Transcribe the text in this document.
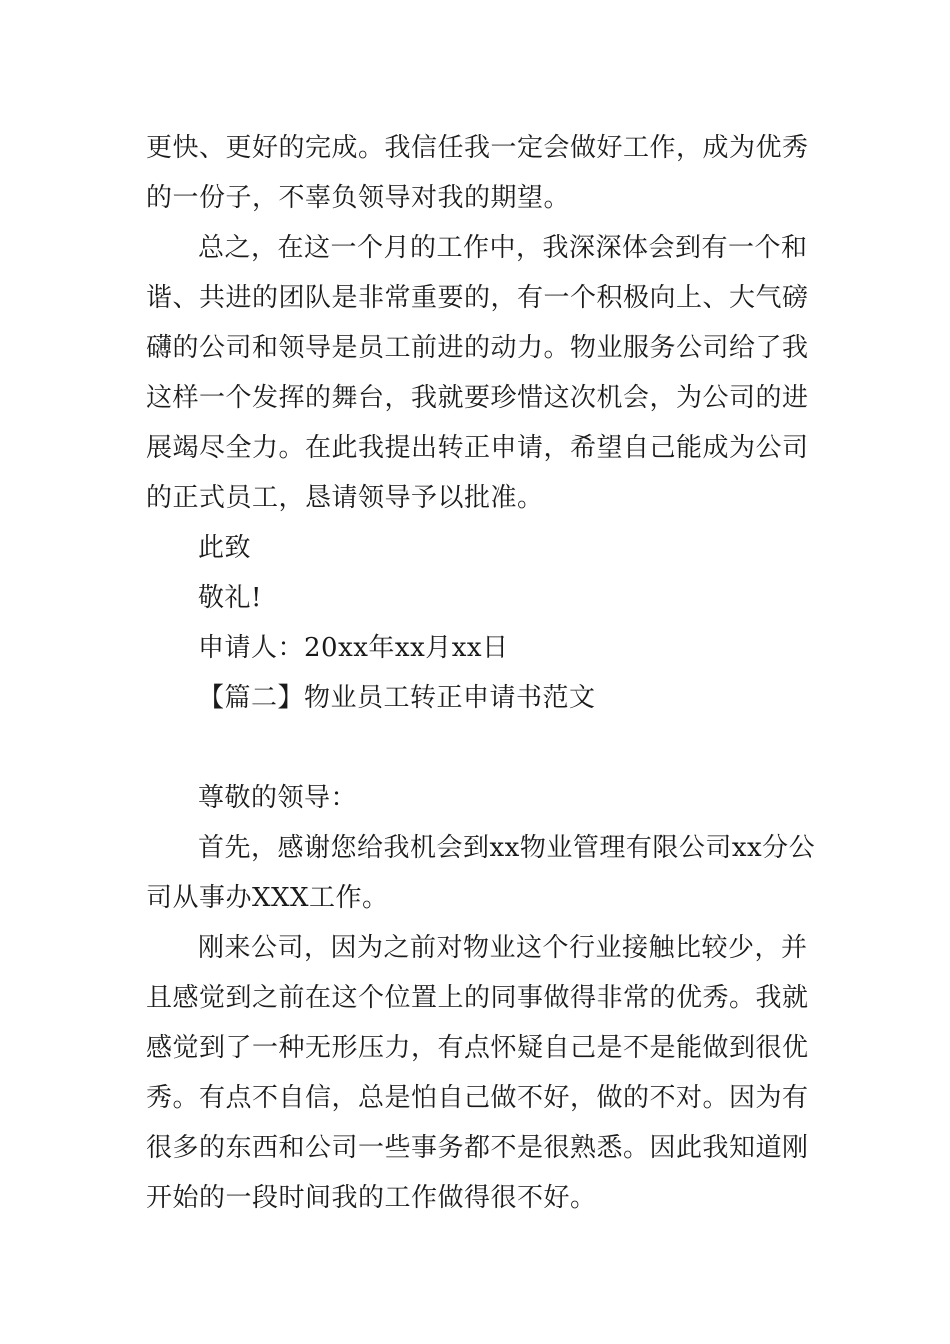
更快、更好的完成。我信任我一定会做好工作，成为优秀
的一份子，不辜负领导对我的期望。
总之，在这一个月的工作中，我深深体会到有一个和
谐、共进的团队是非常重要的，有一个积极向上、大气磅
礴的公司和领导是员工前进的动力。物业服务公司给了我
这样一个发挥的舞台，我就要珍惜这次机会，为公司的进
展竭尽全力。在此我提出转正申请，希望自己能成为公司
的正式员工，恳请领导予以批准。
此致
敬礼!
申请人：20xx年xx月xx日
【篇二】物业员工转正申请书范文
尊敬的领导：
首先，感谢您给我机会到xx物业管理有限公司xx分公
司从事办XXX工作。
刚来公司，因为之前对物业这个行业接触比较少，并
且感觉到之前在这个位置上的同事做得非常的优秀。我就
感觉到了一种无形压力，有点怀疑自己是不是能做到很优
秀。有点不自信，总是怕自己做不好，做的不对。因为有
很多的东西和公司一些事务都不是很熟悉。因此我知道刚
开始的一段时间我的工作做得很不好。
